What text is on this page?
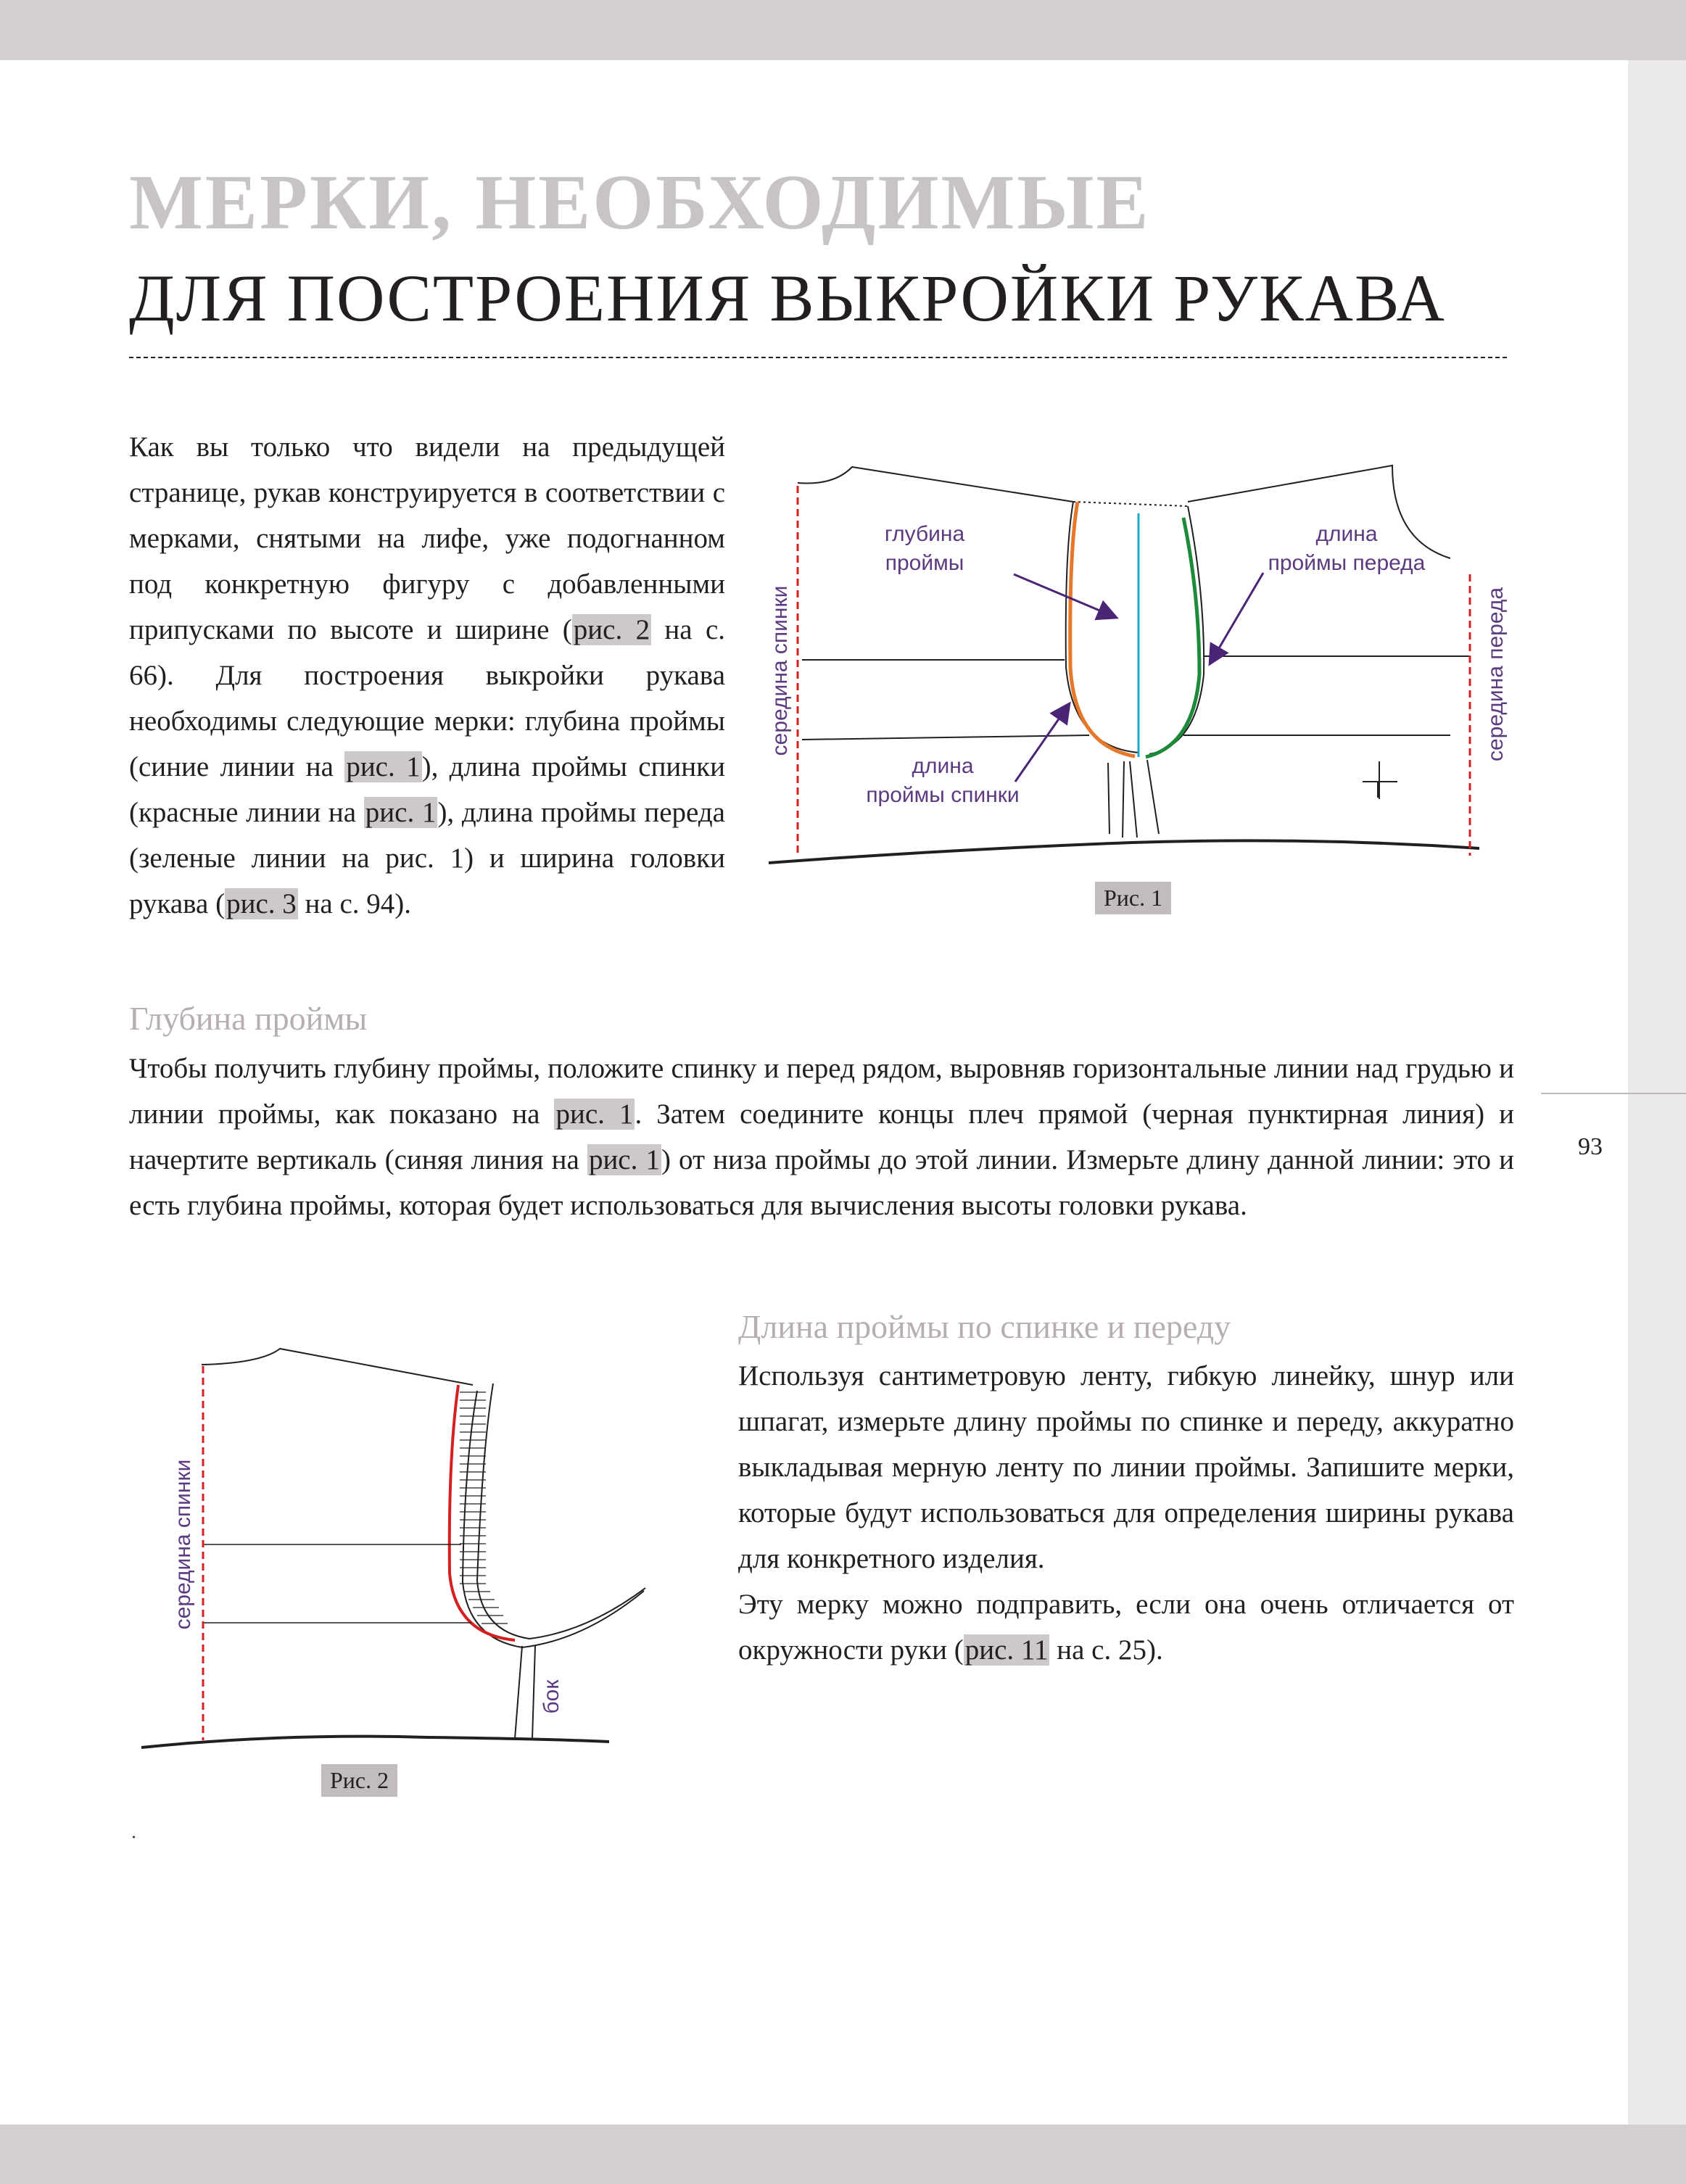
МЕРКИ, НЕОБХОДИМЫЕ
ДЛЯ ПОСТРОЕНИЯ ВЫКРОЙКИ РУКАВА
Как вы только что видели на предыдущей странице, рукав конструируется в соответствии с мерками, снятыми на лифе, уже подогнанном под конкретную фигуру с добавленными припусками по высоте и ширине (рис. 2 на с. 66). Для построения выкройки рукава необходимы следующие мерки: глубина проймы (синие линии на рис. 1), длина проймы спинки (красные линии на рис. 1), длина проймы переда (зеленые линии на рис. 1) и ширина головки рукава (рис. 3 на с. 94).
глубина
проймы
длина
проймы переда
длина
проймы спинки
середина спинки	середина переда
Рис. 1
Глубина проймы
Чтобы получить глубину проймы, положите спинку и перед рядом, выровняв горизонтальные линии над грудью и линии проймы, как показано на рис. 1. Затем соедините концы плеч прямой (черная пунктирная линия) и начертите вертикаль (синяя линия на рис. 1) от низа проймы до этой линии. Измерьте длину данной линии: это и есть глубина проймы, которая будет использоваться для вычисления высоты головки рукава.
93
середина спинки
бок
Рис. 2
Длина проймы по спинке и переду
Используя сантиметровую ленту, гибкую линейку, шнур или шпагат, измерьте длину проймы по спинке и переду, аккуратно выкладывая мерную ленту по линии проймы. Запишите мерки, которые будут использоваться для определения ширины рукава для конкретного изделия.
Эту мерку можно подправить, если она очень отличается от окружности руки (рис. 11 на с. 25).
